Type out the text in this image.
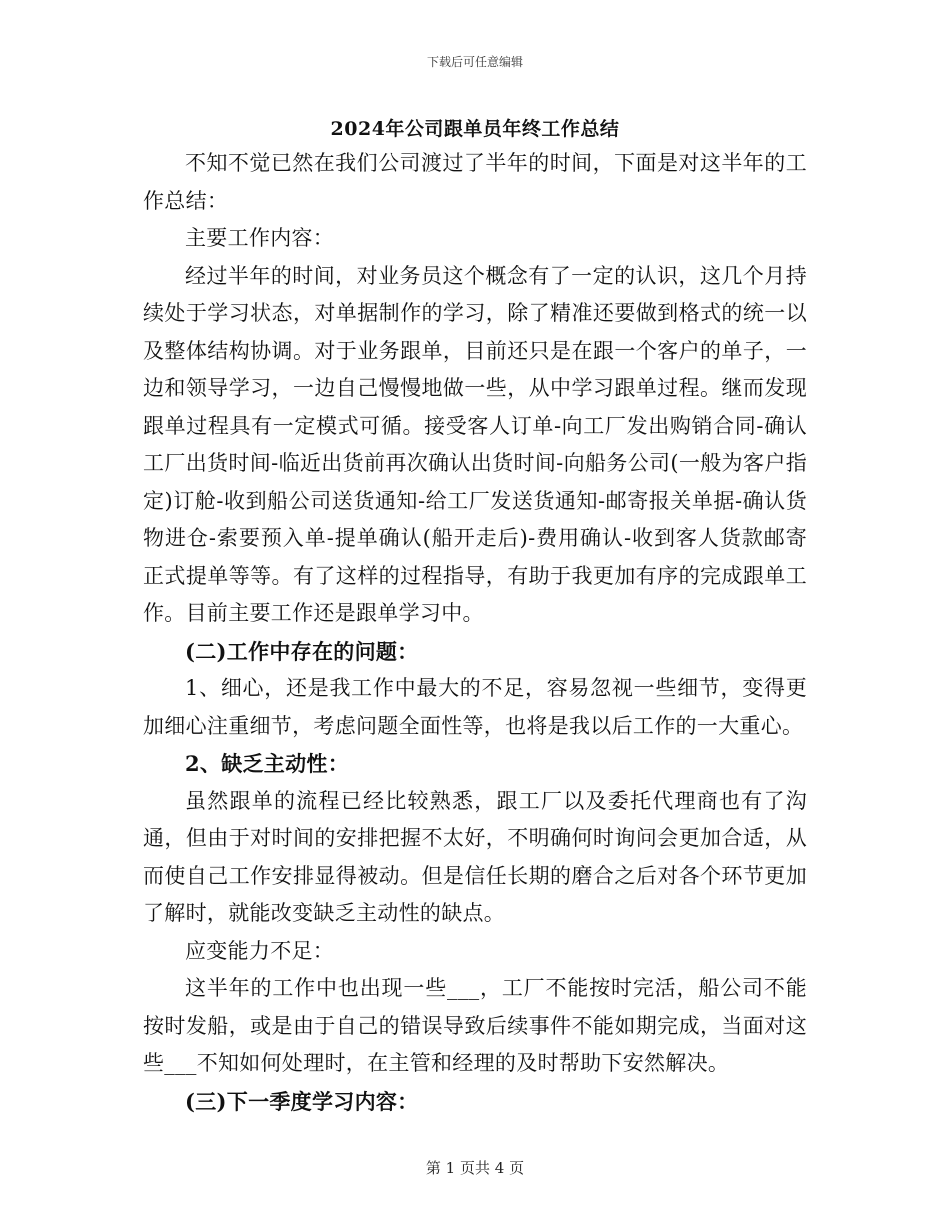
下载后可任意编辑
2024年公司跟单员年终工作总结

不知不觉已然在我们公司渡过了半年的时间，下面是对这半年的工作总结：

主要工作内容：

经过半年的时间，对业务员这个概念有了一定的认识，这几个月持续处于学习状态，对单据制作的学习，除了精准还要做到格式的统一以及整体结构协调。对于业务跟单，目前还只是在跟一个客户的单子，一边和领导学习，一边自己慢慢地做一些，从中学习跟单过程。继而发现跟单过程具有一定模式可循。接受客人订单-向工厂发出购销合同-确认工厂出货时间-临近出货前再次确认出货时间-向船务公司(一般为客户指定)订舱-收到船公司送货通知-给工厂发送货通知-邮寄报关单据-确认货物进仓-索要预入单-提单确认(船开走后)-费用确认-收到客人货款邮寄正式提单等等。有了这样的过程指导，有助于我更加有序的完成跟单工作。目前主要工作还是跟单学习中。

(二)工作中存在的问题：

1、细心，还是我工作中最大的不足，容易忽视一些细节，变得更加细心注重细节，考虑问题全面性等，也将是我以后工作的一大重心。

2、缺乏主动性：

虽然跟单的流程已经比较熟悉，跟工厂以及委托代理商也有了沟通，但由于对时间的安排把握不太好，不明确何时询问会更加合适，从而使自己工作安排显得被动。但是信任长期的磨合之后对各个环节更加了解时，就能改变缺乏主动性的缺点。

应变能力不足：

这半年的工作中也出现一些___，工厂不能按时完活，船公司不能按时发船，或是由于自己的错误导致后续事件不能如期完成，当面对这些___不知如何处理时，在主管和经理的及时帮助下安然解决。

(三)下一季度学习内容：

第 1 页共 4 页
